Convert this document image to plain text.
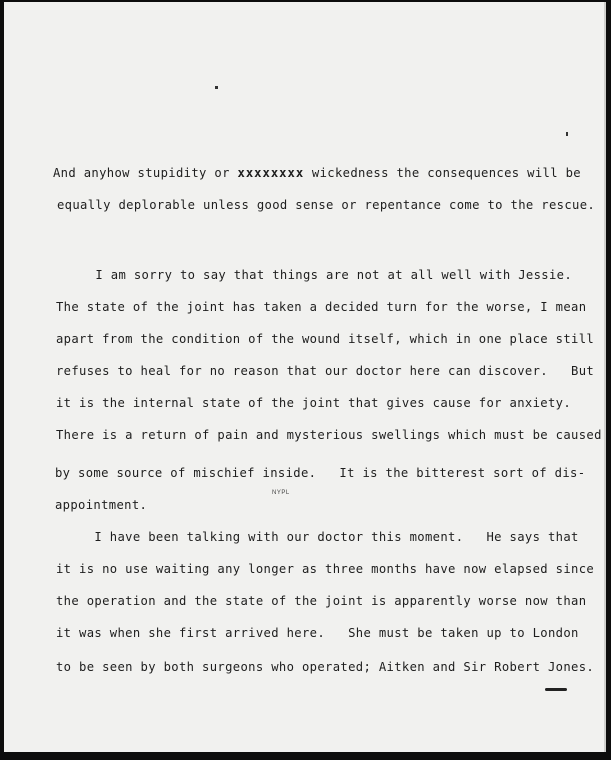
And anyhow stupidity or xxxxxxxx wickedness the consequences will be
equally deplorable unless good sense or repentance come to the rescue.
I am sorry to say that things are not at all well with Jessie.
The state of the joint has taken a decided turn for the worse, I mean
apart from the condition of the wound itself, which in one place still
refuses to heal for no reason that our doctor here can discover.   But
it is the internal state of the joint that gives cause for anxiety.
There is a return of pain and mysterious swellings which must be caused
by some source of mischief inside.   It is the bitterest sort of dis-
appointment.
NYPL
I have been talking with our doctor this moment.   He says that
it is no use waiting any longer as three months have now elapsed since
the operation and the state of the joint is apparently worse now than
it was when she first arrived here.   She must be taken up to London
to be seen by both surgeons who operated; Aitken and Sir Robert Jones.
